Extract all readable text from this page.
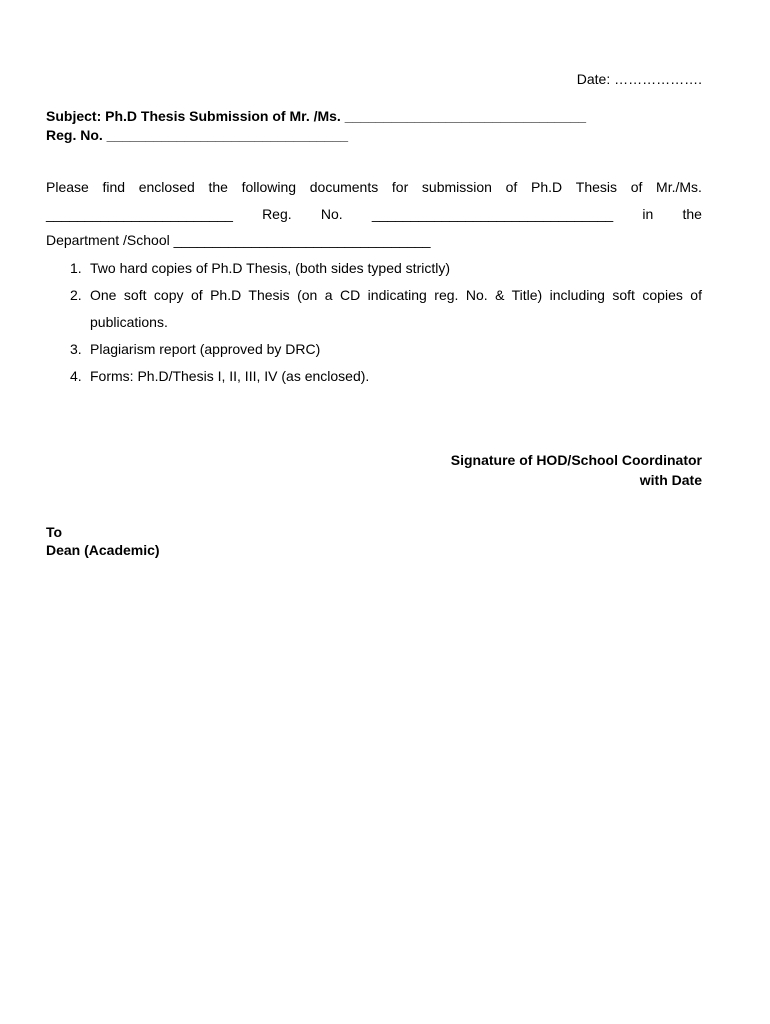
Date: ……………….
Subject: Ph.D Thesis Submission of Mr. /Ms. _______________________________
Reg. No. _______________________________
Please find enclosed the following documents for submission of Ph.D Thesis of Mr./Ms.
________________________ Reg. No. _______________________________ in the
Department /School _________________________________
1. Two hard copies of Ph.D Thesis, (both sides typed strictly)
2. One soft copy of Ph.D Thesis (on a CD indicating reg. No. & Title) including soft copies of publications.
3. Plagiarism report (approved by DRC)
4. Forms: Ph.D/Thesis I, II, III, IV (as enclosed).
Signature of HOD/School Coordinator
with Date
To
Dean (Academic)
